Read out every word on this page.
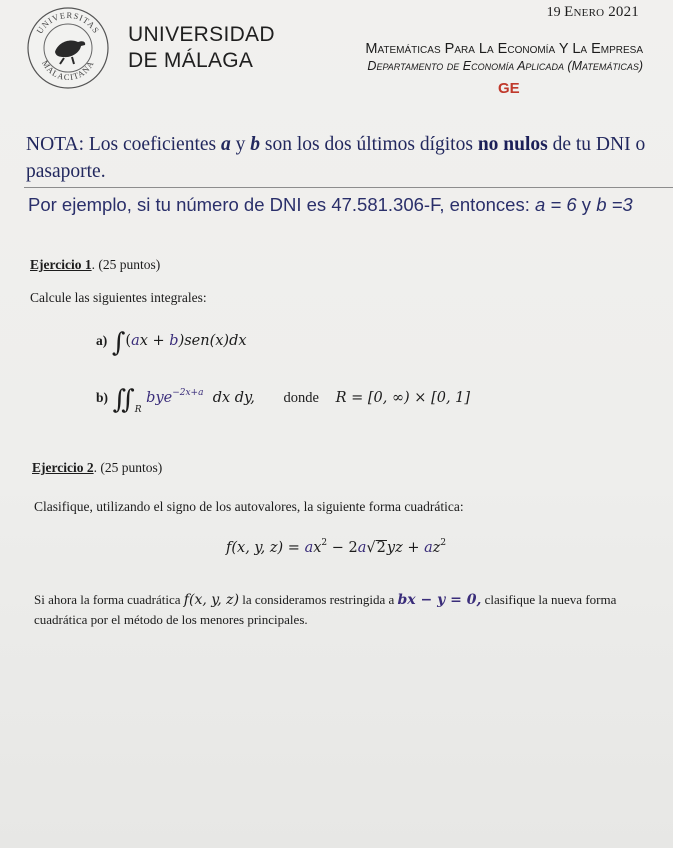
19 Enero 2021
UNIVERSITAS
MALACITANA
UNIVERSIDAD
DE MÁLAGA	Matemáticas Para La Economía Y La Empresa
Departamento de Economía Aplicada (Matemáticas)
GE
NOTA: Los coeficientes a y b son los dos últimos dígitos no nulos de tu DNI o
pasaporte.
Por ejemplo, si tu número de DNI es 47.581.306-F, entonces: a = 6 y b =3
Ejercicio 1. (25 puntos)
Calcule las siguientes integrales:
a) ∫(ax + b)sen(x)dx
b) $∬_R$ bye$^{-2x+a}$ dx dy, donde R = [0, ∞) × [0, 1]
Ejercicio 2. (25 puntos)
Clasifique, utilizando el signo de los autovalores, la siguiente forma cuadrática:
f(x, y, $z) = ax^2 - 2a√2yz + az^2$
Si ahora la forma cuadrática f(x, y, z) la consideramos restringida a bx − y = 0, clasifique la nueva forma
cuadrática por el método de los menores principales.
